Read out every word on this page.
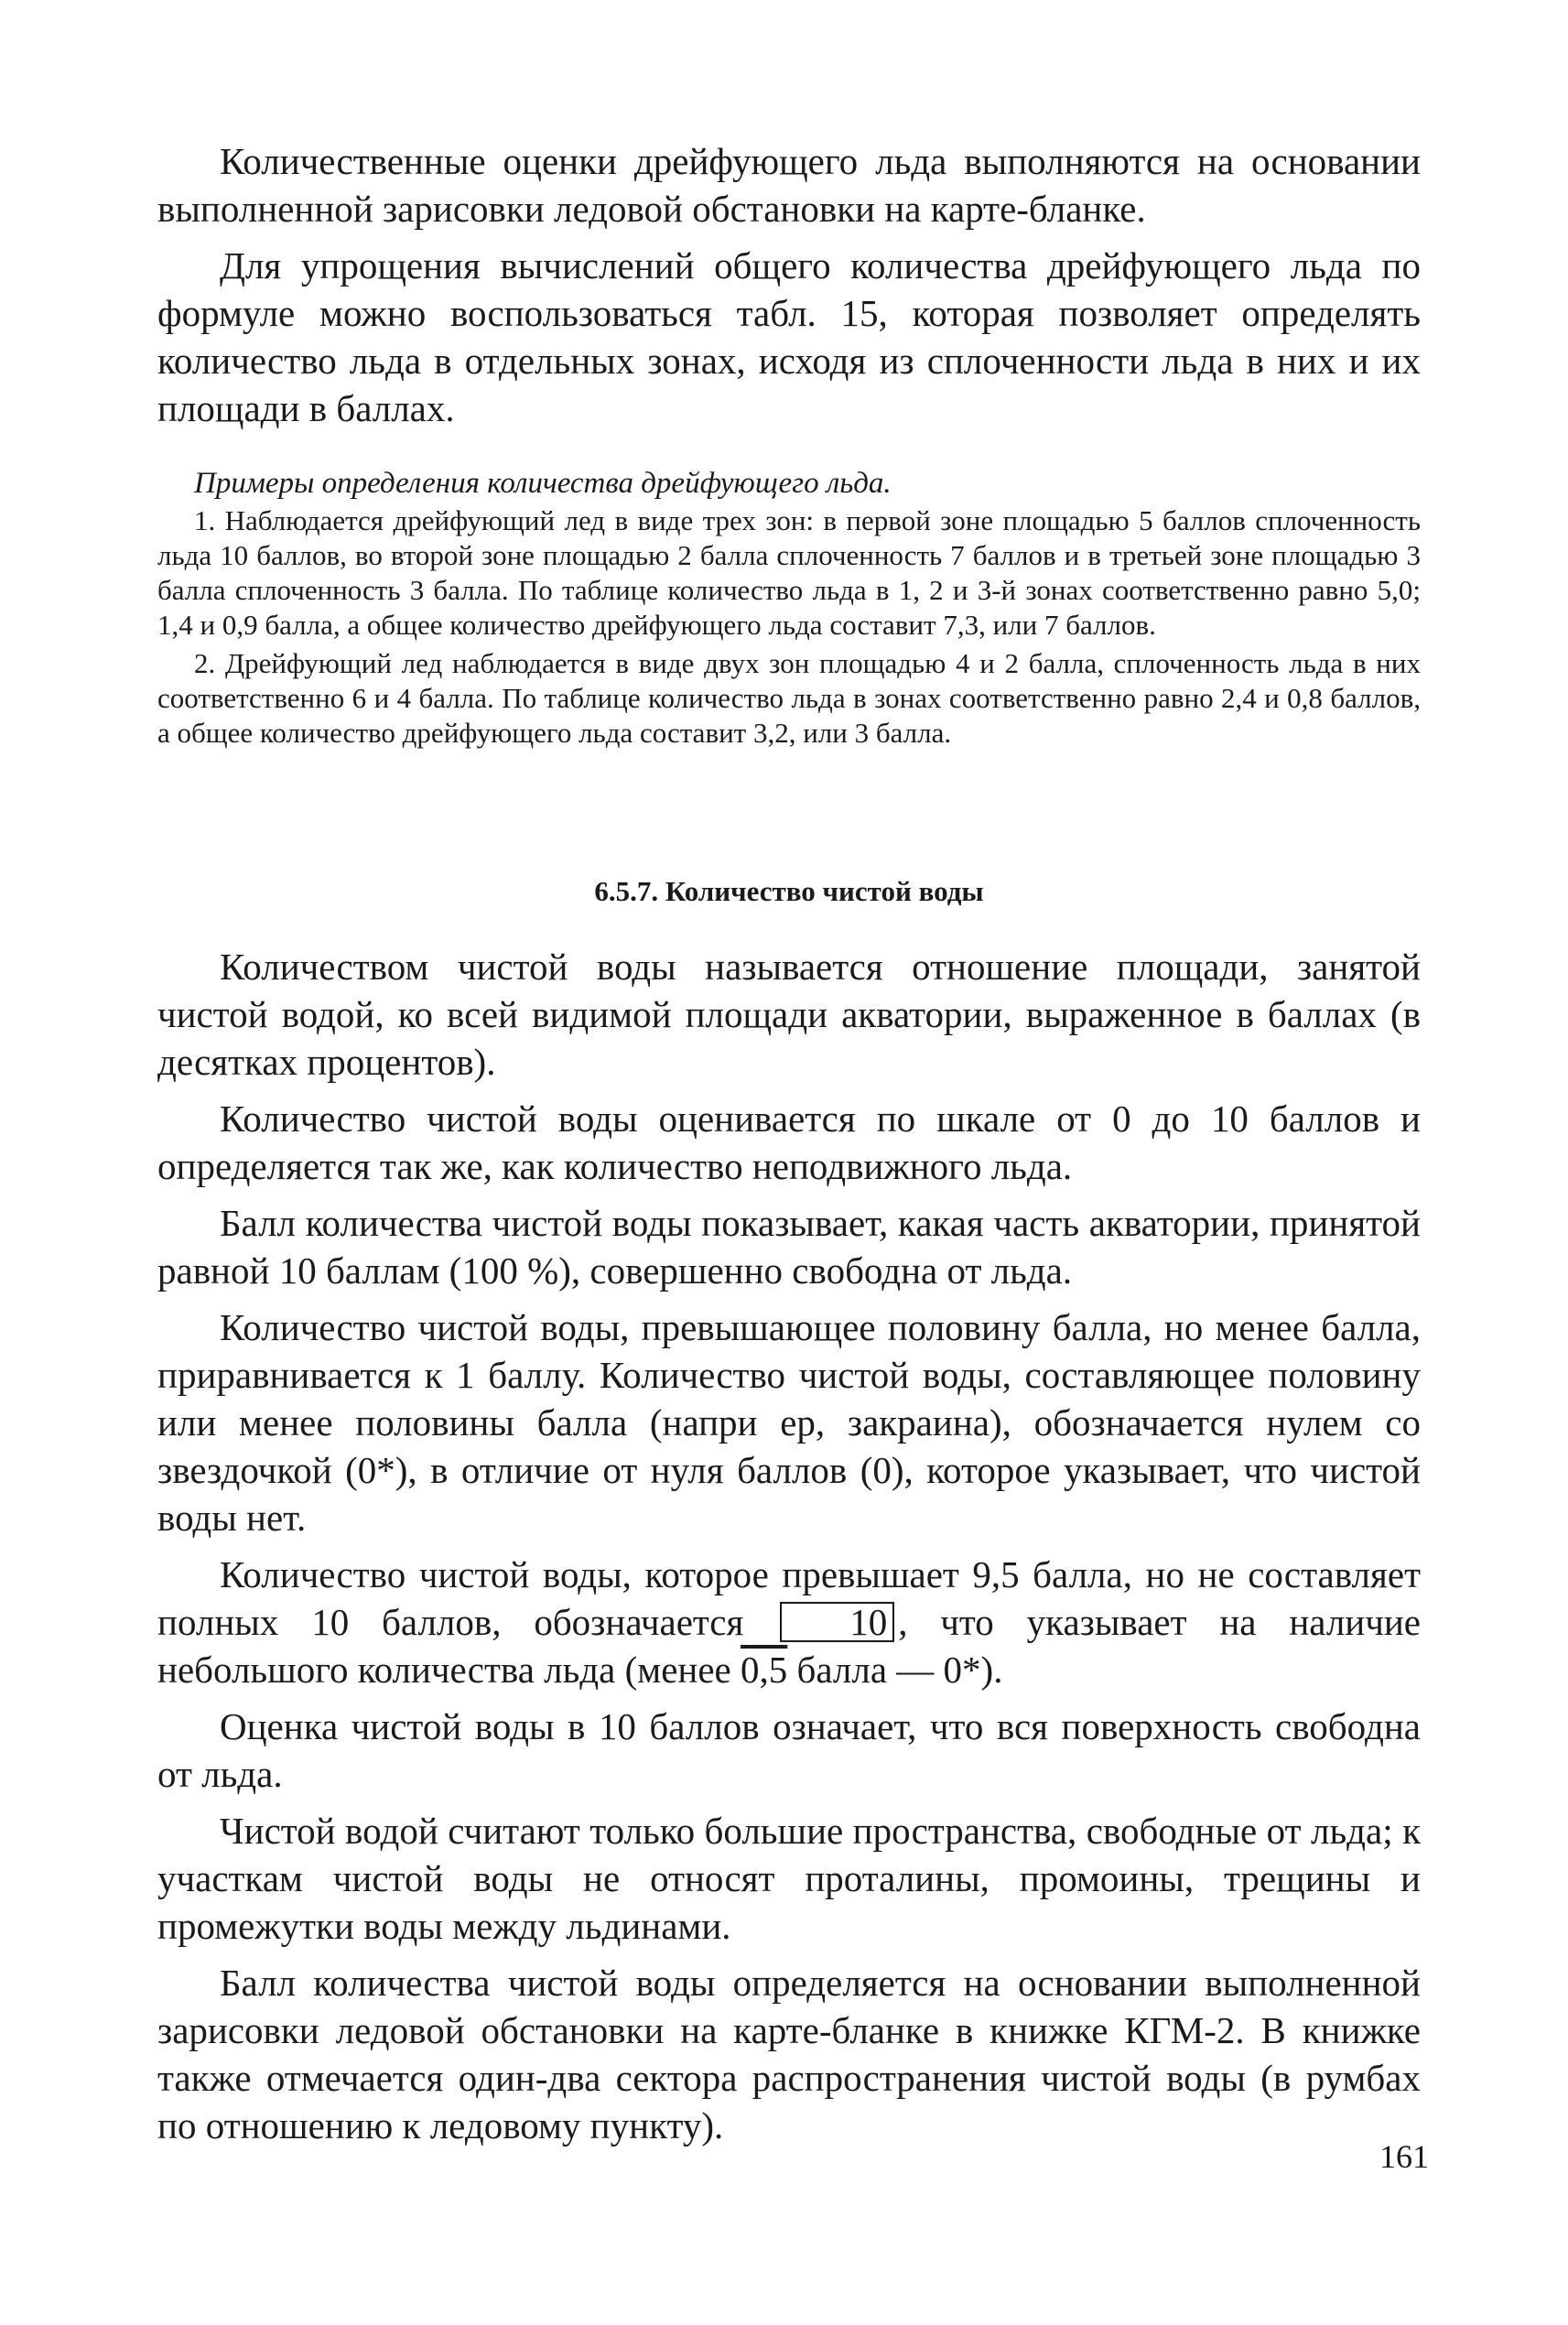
Количественные оценки дрейфующего льда выполняются на основании выполненной зарисовки ледовой обстановки на карте-бланке.

Для упрощения вычислений общего количества дрейфующего льда по формуле можно воспользоваться табл. 15, которая позволяет определять количество льда в отдельных зонах, исходя из сплоченности льда в них и их площади в баллах.

Примеры определения количества дрейфующего льда.

1. Наблюдается дрейфующий лед в виде трех зон: в первой зоне площадью 5 баллов сплоченность льда 10 баллов, во второй зоне площадью 2 балла сплоченность 7 баллов и в третьей зоне площадью 3 балла сплоченность 3 балла. По таблице количество льда в 1, 2 и 3-й зонах соответственно равно 5,0; 1,4 и 0,9 балла, а общее количество дрейфующего льда составит 7,3, или 7 баллов.

2. Дрейфующий лед наблюдается в виде двух зон площадью 4 и 2 балла, сплоченность льда в них соответственно 6 и 4 балла. По таблице количество льда в зонах соответственно равно 2,4 и 0,8 баллов, а общее количество дрейфующего льда составит 3,2, или 3 балла.

6.5.7. Количество чистой воды

Количеством чистой воды называется отношение площади, занятой чистой водой, ко всей видимой площади акватории, выраженное в баллах (в десятках процентов).

Количество чистой воды оценивается по шкале от 0 до 10 баллов и определяется так же, как количество неподвижного льда.

Балл количества чистой воды показывает, какая часть акватории, принятой равной 10 баллам (100 %), совершенно свободна от льда.

Количество чистой воды, превышающее половину балла, но менее балла, приравнивается к 1 баллу. Количество чистой воды, составляющее половину или менее половины балла (напри ер, закраина), обозначается нулем со звездочкой (0*), в отличие от нуля баллов (0), которое указывает, что чистой воды нет.

Количество чистой воды, которое превышает 9,5 балла, но не составляет полных 10 баллов, обозначается	10 , что указывает на наличие небольшого количества льда (менее 0,5 балла — 0*).

Оценка чистой воды в 10 баллов означает, что вся поверхность свободна от льда.

Чистой водой считают только большие пространства, свободные от льда; к участкам чистой воды не относят проталины, промоины, трещины и промежутки воды между льдинами.

Балл количества чистой воды определяется на основании выполненной зарисовки ледовой обстановки на карте-бланке в книжке КГМ-2. В книжке также отмечается один-два сектора распространения чистой воды (в румбах по отношению к ледовому пункту).

161
